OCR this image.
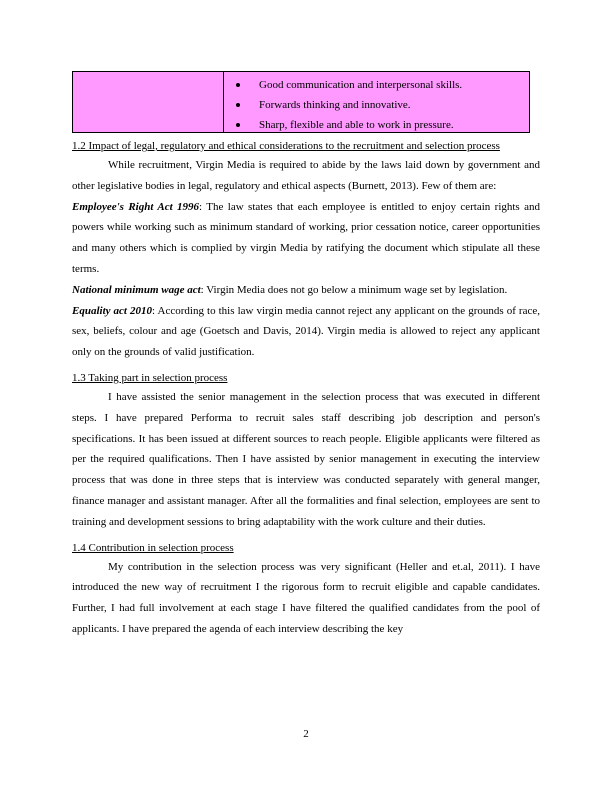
Good communication and interpersonal skills.
Forwards thinking and innovative.
Sharp, flexible and able to work in pressure.
1.2 Impact of legal, regulatory and ethical considerations to the recruitment and selection process

While recruitment, Virgin Media is required to abide by the laws laid down by government and other legislative bodies in legal, regulatory and ethical aspects (Burnett, 2013). Few of them are:

Employee's Right Act 1996: The law states that each employee is entitled to enjoy certain rights and powers while working such as minimum standard of working, prior cessation notice, career opportunities and many others which is complied by virgin Media by ratifying the document which stipulate all these terms.

National minimum wage act: Virgin Media does not go below a minimum wage set by legislation.

Equality act 2010: According to this law virgin media cannot reject any applicant on the grounds of race, sex, beliefs, colour and age (Goetsch and Davis, 2014). Virgin media is allowed to reject any applicant only on the grounds of valid justification.

1.3 Taking part in selection process

I have assisted the senior management in the selection process that was executed in different steps. I have prepared Performa to recruit sales staff describing job description and person's specifications. It has been issued at different sources to reach people. Eligible applicants were filtered as per the required qualifications. Then I have assisted by senior management in executing the interview process that was done in three steps that is interview was conducted separately with general manger, finance manager and assistant manager. After all the formalities and final selection, employees are sent to training and development sessions to bring adaptability with the work culture and their duties.

1.4 Contribution in selection process

My contribution in the selection process was very significant (Heller and et.al, 2011). I have introduced the new way of recruitment I the rigorous form to recruit eligible and capable candidates. Further, I had full involvement at each stage I have filtered the qualified candidates from the pool of applicants. I have prepared the agenda of each interview describing the key

2
